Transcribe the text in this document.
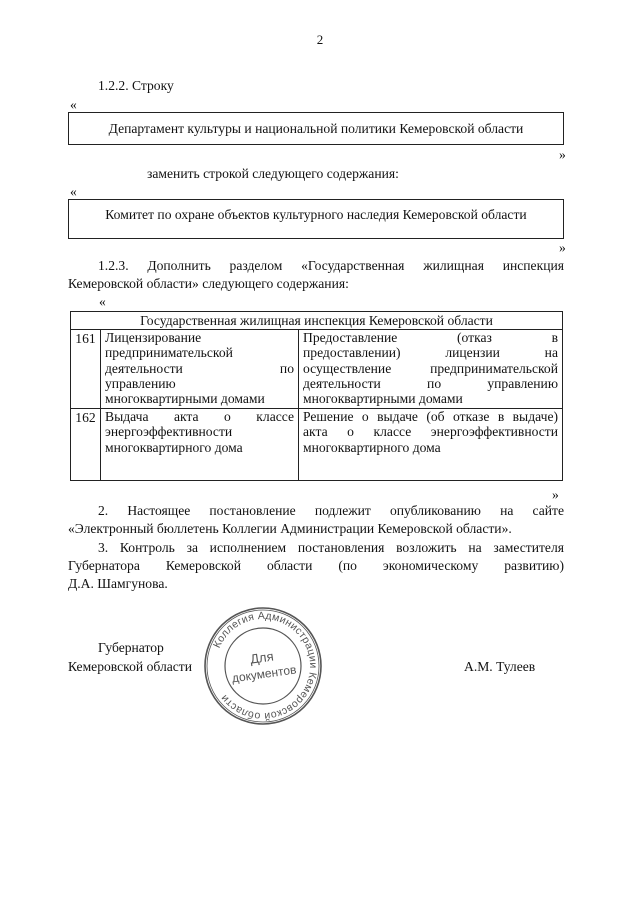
2
1.2.2. Строку
«
Департамент культуры и национальной политики Кемеровской области
»
заменить строкой следующего содержания:
«
Комитет по охране объектов культурного наследия Кемеровской области
»
1.2.3. Дополнить разделом «Государственная жилищная инспекция
Кемеровской области» следующего содержания:
«
Государственная жилищная инспекция Кемеровской области		
161	Лицензирование
предпринимательской
деятельности по
управлению
многоквартирными домами	Предоставление (отказ в
предоставлении) лицензии на
осуществление предпринимательской
деятельности по управлению
многоквартирными домами

162	Выдача акта о классе
энергоэффективности
многоквартирного дома	Решение о выдаче (об отказе в выдаче)
акта о классе энергоэффективности
многоквартирного дома
»
2. Настоящее постановление подлежит опубликованию на сайте
«Электронный бюллетень Коллегии Администрации Кемеровской области».
3. Контроль за исполнением постановления возложить на заместителя
Губернатора Кемеровской области (по экономическому развитию)
Д.А. Шамгунова.
Губернатор
Кемеровской области	А.М. Тулеев
Коллегия Администрации Кемеровской области
Для
документов
